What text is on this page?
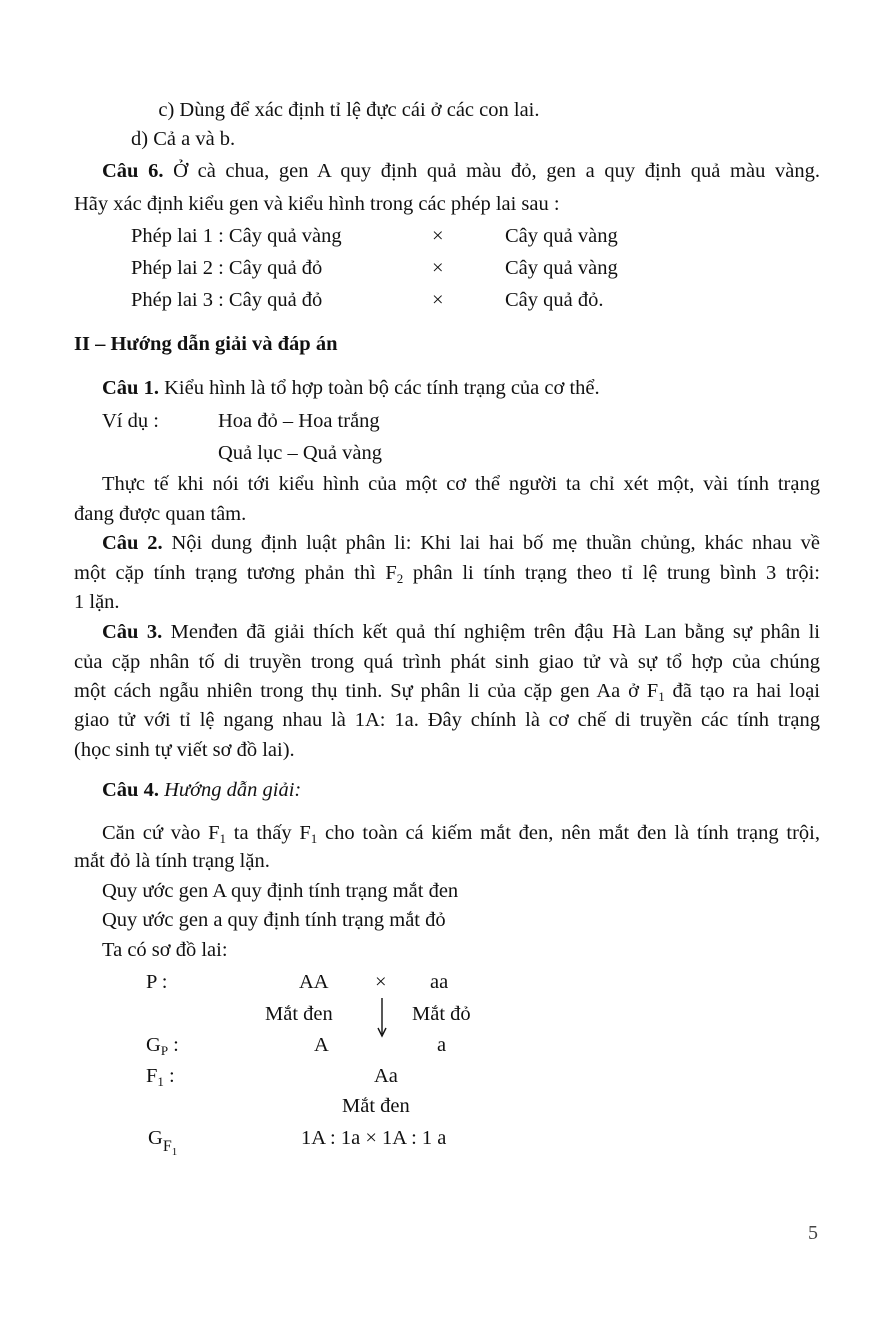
c) Dùng để xác định tỉ lệ đực cái ở các con lai.
d) Cả a và b.
Câu 6. Ở cà chua, gen A quy định quả màu đỏ, gen a quy định quả màu vàng.
Hãy xác định kiểu gen và kiểu hình trong các phép lai sau :
Phép lai 1 : Cây quả vàng	×	Cây quả vàng
Phép lai 2 : Cây quả đỏ	×	Cây quả vàng
Phép lai 3 : Cây quả đỏ	×	Cây quả đỏ.
II – Hướng dẫn giải và đáp án
Câu 1. Kiểu hình là tổ hợp toàn bộ các tính trạng của cơ thể.
Ví dụ :	Hoa đỏ – Hoa trắng
Quả lục – Quả vàng
Thực tế khi nói tới kiểu hình của một cơ thể người ta chỉ xét một, vài tính trạng
đang được quan tâm.
Câu 2. Nội dung định luật phân li: Khi lai hai bố mẹ thuần chủng, khác nhau về
một cặp tính trạng tương phản thì $F_2$ phân li tính trạng theo tỉ lệ trung bình 3 trội:
1 lặn.
Câu 3. Menđen đã giải thích kết quả thí nghiệm trên đậu Hà Lan bằng sự phân li
của cặp nhân tố di truyền trong quá trình phát sinh giao tử và sự tổ hợp của chúng
một cách ngẫu nhiên trong thụ tinh. Sự phân li của cặp gen Aa ở $F_1$ đã tạo ra hai loại
giao tử với tỉ lệ ngang nhau là 1A: 1a. Đây chính là cơ chế di truyền các tính trạng
(học sinh tự viết sơ đồ lai).
Câu 4. Hướng dẫn giải:
Căn cứ vào $F_1$ ta thấy $F_1$ cho toàn cá kiếm mắt đen, nên mắt đen là tính trạng trội,
mắt đỏ là tính trạng lặn.
Quy ước gen A quy định tính trạng mắt đen
Quy ước gen a quy định tính trạng mắt đỏ
Ta có sơ đồ lai:
P :	AA × aa
Mắt đen	Mắt đỏ
$G_P$ :	A	a
$F_1$ :	Aa
Mắt đen
$G_{F_1}$
1A : 1a × 1A : 1 a
5
